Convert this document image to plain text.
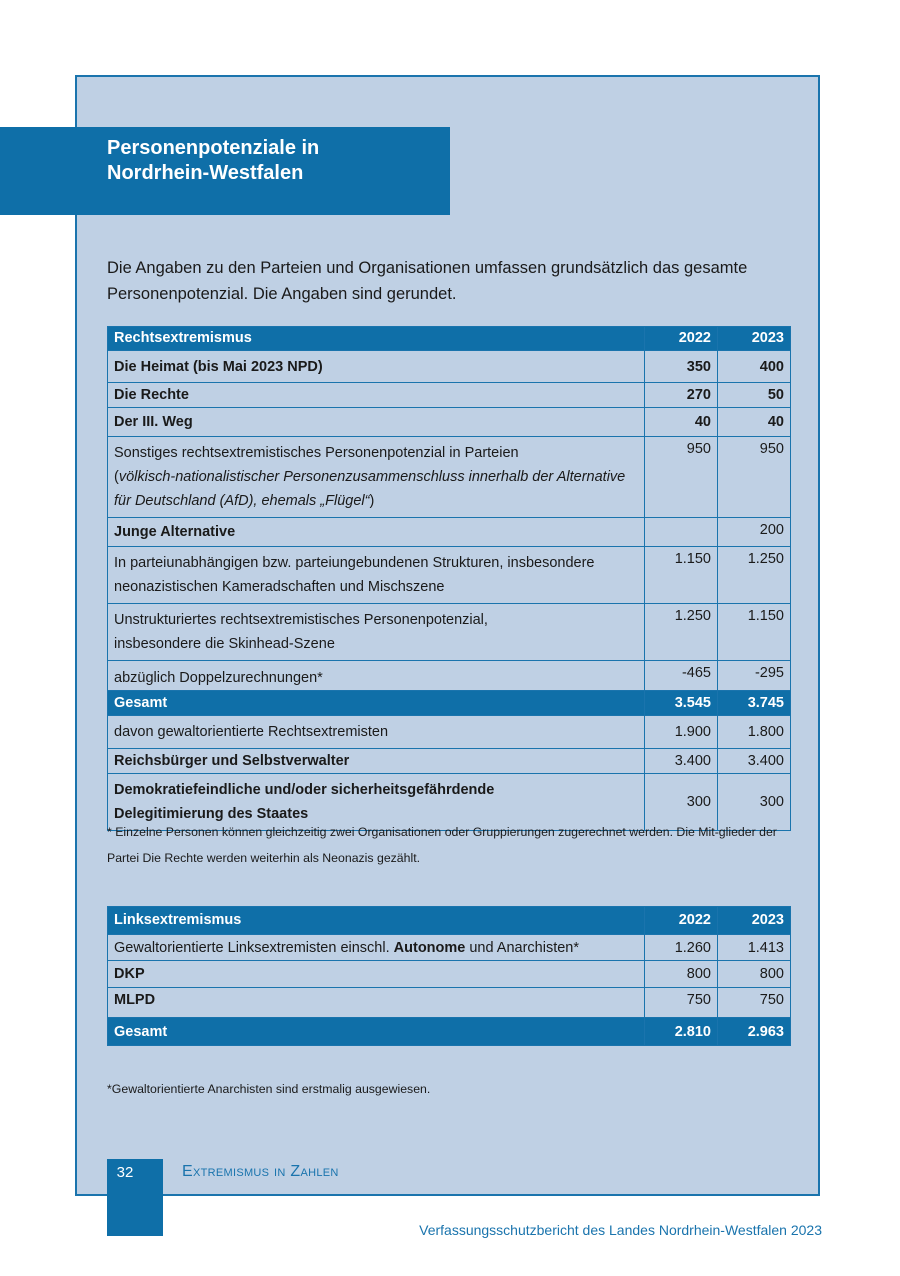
Personenpotenziale in
Nordrhein-Westfalen
Die Angaben zu den Parteien und Organisationen umfassen grundsätzlich das gesamte Personenpotenzial. Die Angaben sind gerundet.
Rechtsextremismus	2022	2023
Die Heimat (bis Mai 2023 NPD)	350	400
Die Rechte	270	50
Der III. Weg	40	40
Sonstiges rechtsextremistisches Personenpotenzial in Parteien
(völkisch-nationalistischer Personenzusammenschluss innerhalb der Alternative für Deutschland (AfD), ehemals „Flügel“)	950	950
Junge Alternative		200
In parteiunabhängigen bzw. parteiungebundenen Strukturen, insbesondere neonazistischen Kameradschaften und Mischszene	1.150	1.250
Unstrukturiertes rechtsextremistisches Personenpotenzial, insbesondere die Skinhead-Szene	1.250	1.150
abzüglich Doppelzurechnungen*	-465	-295
Gesamt	3.545	3.745
davon gewaltorientierte Rechtsextremisten	1.900	1.800
Reichsbürger und Selbstverwalter	3.400	3.400
Demokratiefeindliche und/oder sicherheitsgefährdende Delegitimierung des Staates	300	300
* Einzelne Personen können gleichzeitig zwei Organisationen oder Gruppierungen zugerechnet werden. Die Mit-glieder der Partei Die Rechte werden weiterhin als Neonazis gezählt.
Linksextremismus	2022	2023
Gewaltorientierte Linksextremisten einschl. Autonome und Anarchisten*	1.260	1.413
DKP	800	800
MLPD	750	750
Gesamt	2.810	2.963
*Gewaltorientierte Anarchisten sind erstmalig ausgewiesen.
32	Extremismus in Zahlen
Verfassungsschutzbericht des Landes Nordrhein-Westfalen 2023
